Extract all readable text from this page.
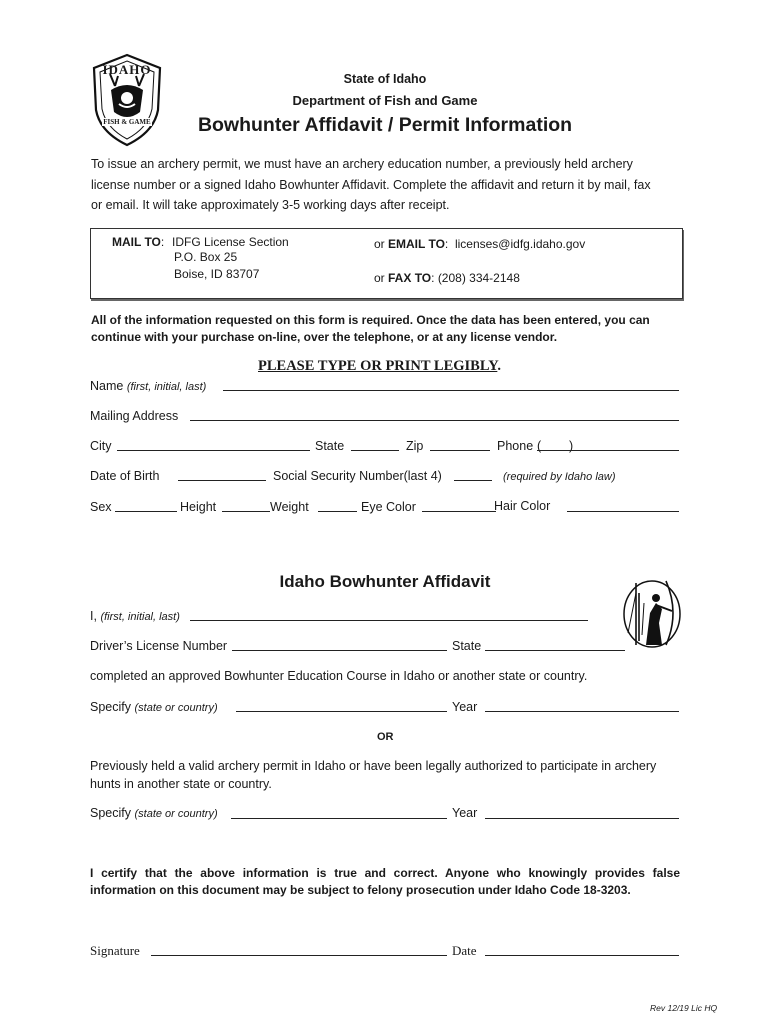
IDAHO
FISH & GAME
State of Idaho
Department of Fish and Game
Bowhunter Affidavit / Permit Information
To issue an archery permit, we must have an archery education number, a previously held archery
license number or a signed Idaho Bowhunter Affidavit. Complete the affidavit and return it by mail, fax
or email. It will take approximately 3-5 working days after receipt.
MAIL TO: IDFG License Section
P.O. Box 25
Boise, ID 83707
or EMAIL TO:  licenses@idfg.idaho.gov
or FAX TO: (208) 334-2148
All of the information requested on this form is required. Once the data has been entered, you can
continue with your purchase on-line, over the telephone, or at any license vendor.
PLEASE TYPE OR PRINT LEGIBLY.
Name (first, initial, last)
Mailing Address
City	State	Zip	Phone ( )
Date of Birth	Social Security Number(last 4)	(required by Idaho law)
Sex	Height	Weight	Eye Color	Hair Color
Idaho Bowhunter Affidavit
I, (first, initial, last)
Driver’s License Number	State
completed an approved Bowhunter Education Course in Idaho or another state or country.
Specify (state or country)	Year
OR
Previously held a valid archery permit in Idaho or have been legally authorized to participate in archery
hunts in another state or country.
Specify (state or country)	Year
I certify that the above information is true and correct. Anyone who knowingly provides false
information on this document may be subject to felony prosecution under Idaho Code 18-3203.
Signature	Date
Rev 12/19 Lic HQ
